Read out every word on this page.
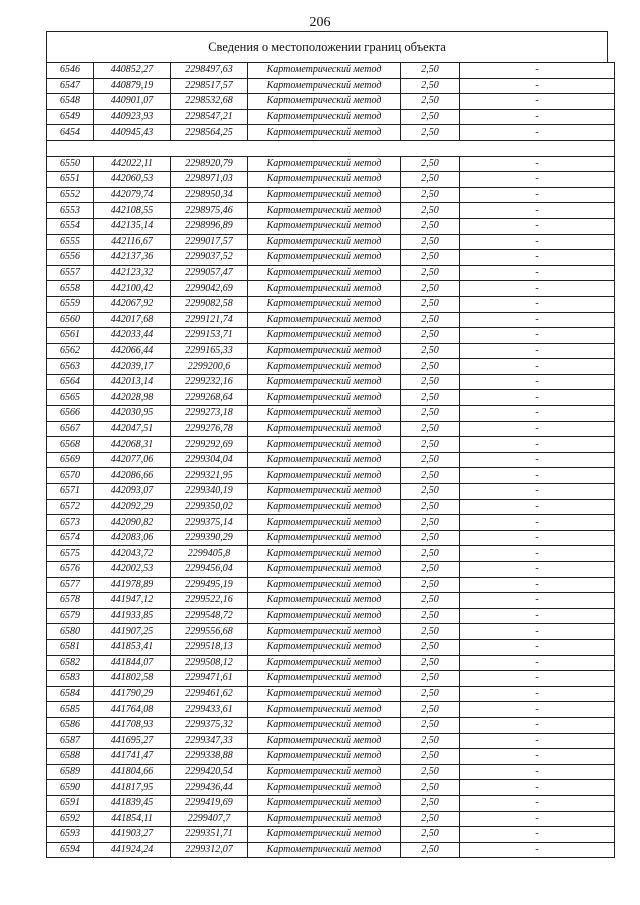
206
Сведения о местоположении границ объекта
6546	440852,27	2298497,63	Картометрический метод	2,50	-
6547	440879,19	2298517,57	Картометрический метод	2,50	-
6548	440901,07	2298532,68	Картометрический метод	2,50	-
6549	440923,93	2298547,21	Картометрический метод	2,50	-
6454	440945,43	2298564,25	Картометрический метод	2,50	-

6550	442022,11	2298920,79	Картометрический метод	2,50	-
6551	442060,53	2298971,03	Картометрический метод	2,50	-
6552	442079,74	2298950,34	Картометрический метод	2,50	-
6553	442108,55	2298975,46	Картометрический метод	2,50	-
6554	442135,14	2298996,89	Картометрический метод	2,50	-
6555	442116,67	2299017,57	Картометрический метод	2,50	-
6556	442137,36	2299037,52	Картометрический метод	2,50	-
6557	442123,32	2299057,47	Картометрический метод	2,50	-
6558	442100,42	2299042,69	Картометрический метод	2,50	-
6559	442067,92	2299082,58	Картометрический метод	2,50	-
6560	442017,68	2299121,74	Картометрический метод	2,50	-
6561	442033,44	2299153,71	Картометрический метод	2,50	-
6562	442066,44	2299165,33	Картометрический метод	2,50	-
6563	442039,17	2299200,6	Картометрический метод	2,50	-
6564	442013,14	2299232,16	Картометрический метод	2,50	-
6565	442028,98	2299268,64	Картометрический метод	2,50	-
6566	442030,95	2299273,18	Картометрический метод	2,50	-
6567	442047,51	2299276,78	Картометрический метод	2,50	-
6568	442068,31	2299292,69	Картометрический метод	2,50	-
6569	442077,06	2299304,04	Картометрический метод	2,50	-
6570	442086,66	2299321,95	Картометрический метод	2,50	-
6571	442093,07	2299340,19	Картометрический метод	2,50	-
6572	442092,29	2299350,02	Картометрический метод	2,50	-
6573	442090,82	2299375,14	Картометрический метод	2,50	-
6574	442083,06	2299390,29	Картометрический метод	2,50	-
6575	442043,72	2299405,8	Картометрический метод	2,50	-
6576	442002,53	2299456,04	Картометрический метод	2,50	-
6577	441978,89	2299495,19	Картометрический метод	2,50	-
6578	441947,12	2299522,16	Картометрический метод	2,50	-
6579	441933,85	2299548,72	Картометрический метод	2,50	-
6580	441907,25	2299556,68	Картометрический метод	2,50	-
6581	441853,41	2299518,13	Картометрический метод	2,50	-
6582	441844,07	2299508,12	Картометрический метод	2,50	-
6583	441802,58	2299471,61	Картометрический метод	2,50	-
6584	441790,29	2299461,62	Картометрический метод	2,50	-
6585	441764,08	2299433,61	Картометрический метод	2,50	-
6586	441708,93	2299375,32	Картометрический метод	2,50	-
6587	441695,27	2299347,33	Картометрический метод	2,50	-
6588	441741,47	2299338,88	Картометрический метод	2,50	-
6589	441804,66	2299420,54	Картометрический метод	2,50	-
6590	441817,95	2299436,44	Картометрический метод	2,50	-
6591	441839,45	2299419,69	Картометрический метод	2,50	-
6592	441854,11	2299407,7	Картометрический метод	2,50	-
6593	441903,27	2299351,71	Картометрический метод	2,50	-
6594	441924,24	2299312,07	Картометрический метод	2,50	-
